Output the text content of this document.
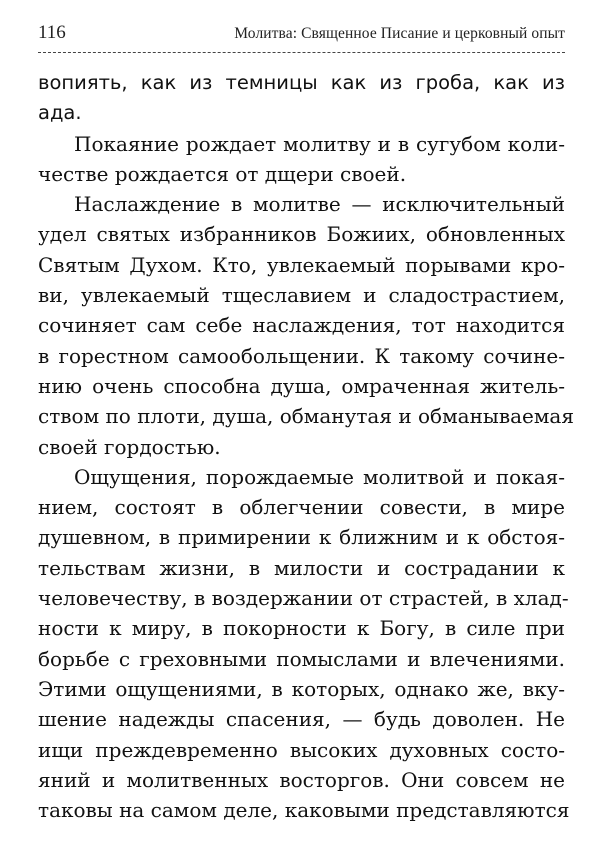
116	Молитва: Священное Писание и церковный опыт

вопиять, как из темницы как из гроба, как из
ада.

Покаяние рождает молитву и в сугубом коли-
честве рождается от дщери своей.

Наслаждение в молитве — исключительный
удел святых избранников Божиих, обновленных
Святым Духом. Кто, увлекаемый порывами кро-
ви, увлекаемый тщеславием и сладострастием,
сочиняет сам себе наслаждения, тот находится
в горестном самообольщении. К такому сочине-
нию очень способна душа, омраченная житель-
ством по плоти, душа, обманутая и обманываемая
своей гордостью.

Ощущения, порождаемые молитвой и покая-
нием, состоят в облегчении совести, в мире
душевном, в примирении к ближним и к обстоя-
тельствам жизни, в милости и сострадании к
человечеству, в воздержании от страстей, в хлад-
ности к миру, в покорности к Богу, в силе при
борьбе с греховными помыслами и влечениями.
Этими ощущениями, в которых, однако же, вку-
шение надежды спасения, — будь доволен. Не
ищи преждевременно высоких духовных состо-
яний и молитвенных восторгов. Они совсем не
таковы на самом деле, каковыми представляются
